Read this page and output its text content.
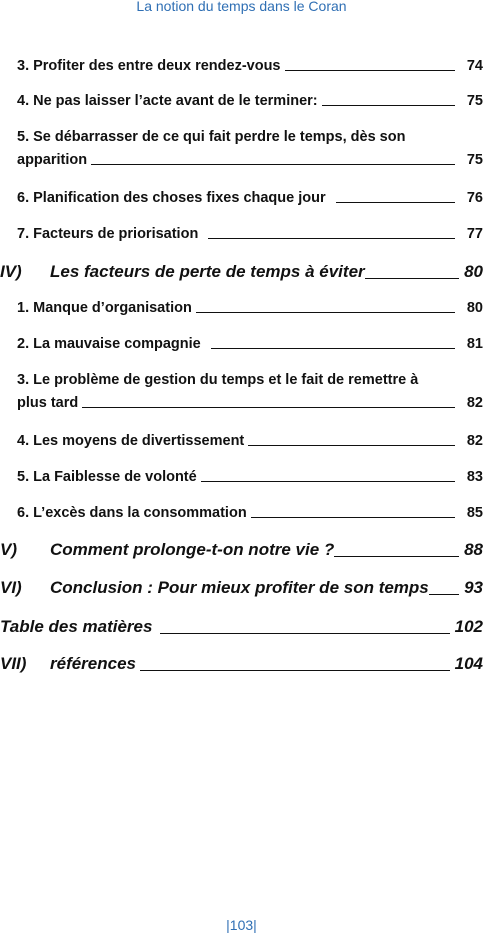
La notion du temps dans le Coran
3. Profiter des entre deux rendez-vous	74
4. Ne pas laisser l’acte avant de le terminer:	75
5. Se débarrasser de ce qui fait perdre le temps, dès son
apparition	75
6. Planification des choses fixes chaque jour	76
7. Facteurs de priorisation	77
IV)	Les facteurs de perte de temps à éviter	80
1. Manque d’organisation	80
2. La mauvaise compagnie	81
3. Le problème de gestion du temps et le fait de remettre à
plus tard	82
4. Les moyens de divertissement	82
5. La Faiblesse de volonté	83
6. L’excès dans la consommation	85
V)	Comment prolonge-t-on notre vie ?	88
VI)	Conclusion : Pour mieux profiter de son temps 93
Table des matières	102
VII)	références	104
|103|
